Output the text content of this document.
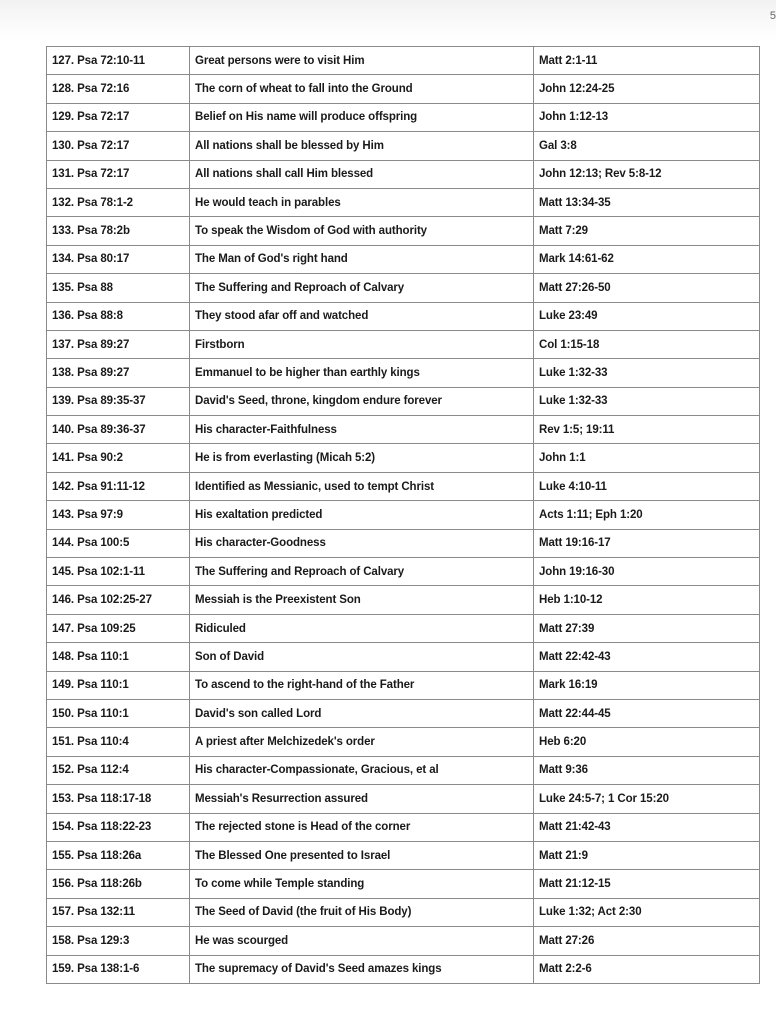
5
127. Psa 72:10-11	Great persons were to visit Him	Matt 2:1-11
128. Psa 72:16	The corn of wheat to fall into the Ground	John 12:24-25
129. Psa 72:17	Belief on His name will produce offspring	John 1:12-13
130. Psa 72:17	All nations shall be blessed by Him	Gal 3:8
131. Psa 72:17	All nations shall call Him blessed	John 12:13; Rev 5:8-12
132. Psa 78:1-2	He would teach in parables	Matt 13:34-35
133. Psa 78:2b	To speak the Wisdom of God with authority	Matt 7:29
134. Psa 80:17	The Man of God's right hand	Mark 14:61-62
135. Psa 88	The Suffering and Reproach of Calvary	Matt 27:26-50
136. Psa 88:8	They stood afar off and watched	Luke 23:49
137. Psa 89:27	Firstborn	Col 1:15-18
138. Psa 89:27	Emmanuel to be higher than earthly kings	Luke 1:32-33
139. Psa 89:35-37	David's Seed, throne, kingdom endure forever	Luke 1:32-33
140. Psa 89:36-37	His character-Faithfulness	Rev 1:5; 19:11
141. Psa 90:2	He is from everlasting (Micah 5:2)	John 1:1
142. Psa 91:11-12	Identified as Messianic, used to tempt Christ	Luke 4:10-11
143. Psa 97:9	His exaltation predicted	Acts 1:11; Eph 1:20
144. Psa 100:5	His character-Goodness	Matt 19:16-17
145. Psa 102:1-11	The Suffering and Reproach of Calvary	John 19:16-30
146. Psa 102:25-27	Messiah is the Preexistent Son	Heb 1:10-12
147. Psa 109:25	Ridiculed	Matt 27:39
148. Psa 110:1	Son of David	Matt 22:42-43
149. Psa 110:1	To ascend to the right-hand of the Father	Mark 16:19
150. Psa 110:1	David's son called Lord	Matt 22:44-45
151. Psa 110:4	A priest after Melchizedek's order	Heb 6:20
152. Psa 112:4	His character-Compassionate, Gracious, et al	Matt 9:36
153. Psa 118:17-18	Messiah's Resurrection assured	Luke 24:5-7; 1 Cor 15:20
154. Psa 118:22-23	The rejected stone is Head of the corner	Matt 21:42-43
155. Psa 118:26a	The Blessed One presented to Israel	Matt 21:9
156. Psa 118:26b	To come while Temple standing	Matt 21:12-15
157. Psa 132:11	The Seed of David (the fruit of His Body)	Luke 1:32; Act 2:30
158. Psa 129:3	He was scourged	Matt 27:26
159. Psa 138:1-6	The supremacy of David's Seed amazes kings	Matt 2:2-6
